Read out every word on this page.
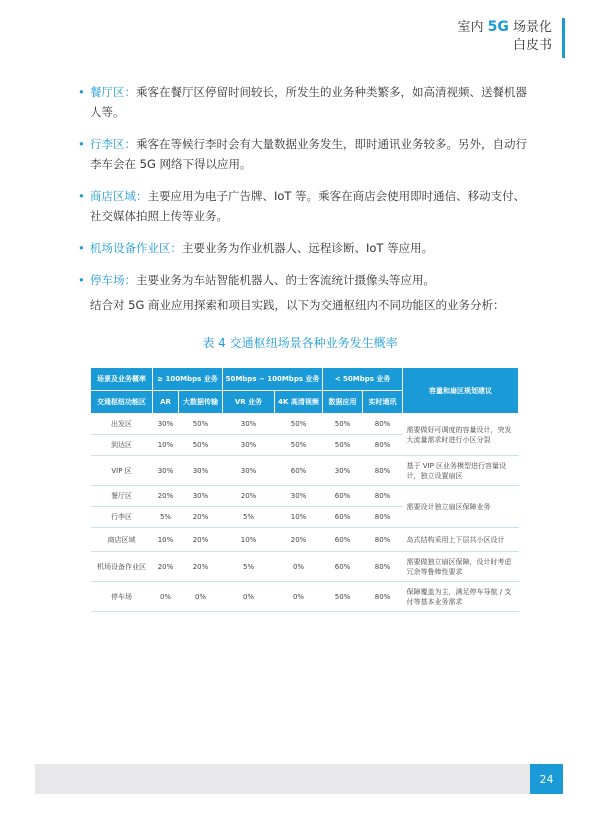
室内 5G 场景化
白皮书
• 餐厅区：乘客在餐厅区停留时间较长，所发生的业务种类繁多，如高清视频、送餐机器人等。
• 行李区：乘客在等候行李时会有大量数据业务发生，即时通讯业务较多。另外，自动行李车会在 5G 网络下得以应用。
• 商店区域：主要应用为电子广告牌、IoT 等。乘客在商店会使用即时通信、移动支付、社交媒体拍照上传等业务。
• 机场设备作业区：主要业务为作业机器人、远程诊断、IoT 等应用。
• 停车场：主要业务为车站智能机器人、的士客流统计摄像头等应用。
结合对 5G 商业应用探索和项目实践，以下为交通枢纽内不同功能区的业务分析：
表 4 交通枢纽场景各种业务发生概率
场景及业务概率	≥ 100Mbps 业务		50Mbps ~ 100Mbps 业务		< 50Mbps 业务		容量和扇区规划建议
交通枢纽功能区	AR	大数据传输	VR 业务	4K 高清视频	数据应用	实时通讯	
出发区	30%	50%	30%	50%	50%	80%	需要做好可调度的容量设计，突发大流量需求时进行小区分裂
到达区	10%	50%	30%	50%	50%	80%	
VIP 区	30%	30%	30%	60%	30%	80%	基于 VIP 区业务模型进行容量设计，独立设置扇区
餐厅区	20%	30%	20%	30%	60%	80%	需要设计独立扇区保障业务
行李区	5%	20%	5%	10%	60%	80%	
商店区域	10%	20%	10%	20%	60%	80%	岛式结构采用上下层共小区设计
机场设备作业区	20%	20%	5%	0%	60%	80%	需要做独立扇区保障，设计时考虑冗余等鲁棒性要求
停车场	0%	0%	0%	0%	50%	80%	保障覆盖为主，满足停车导航 / 支付等基本业务需求
24
